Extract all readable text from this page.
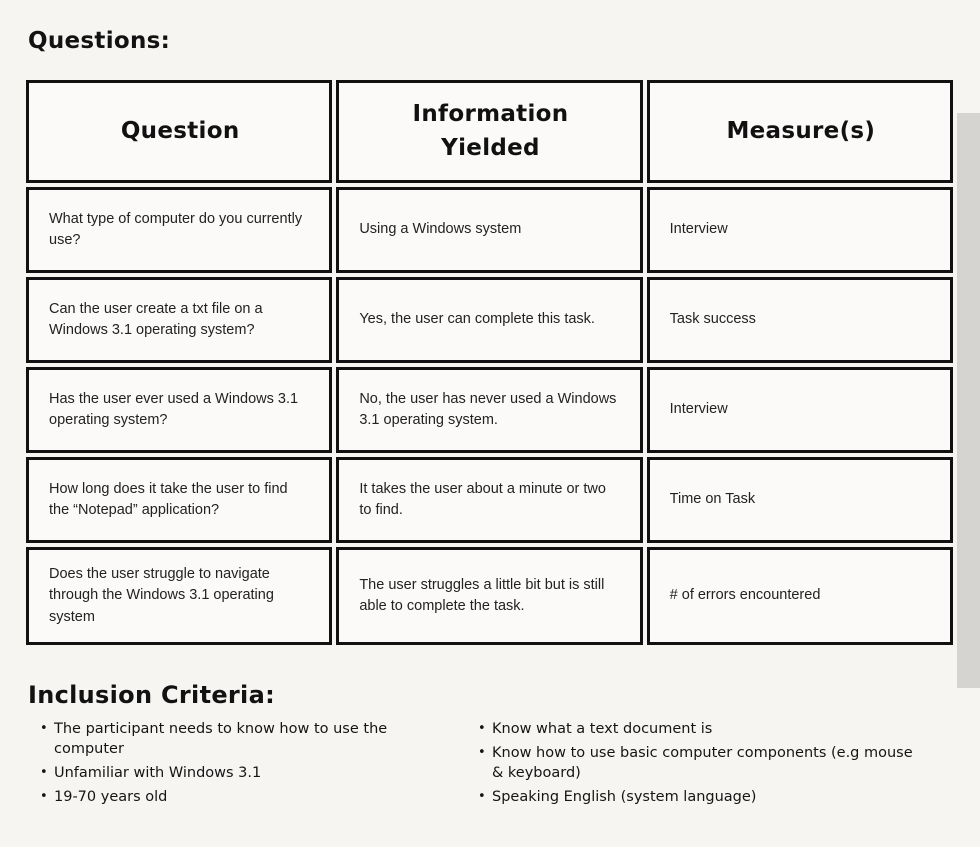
Questions:
Question
Information Yielded
Measure(s)
What type of computer do you currently use?
Using a Windows system	Interview
Can the user create a txt file on a Windows 3.1 operating system?
Yes, the user can complete this task.	Task success
Has the user ever used a Windows 3.1 operating system?
No, the user has never used a Windows 3.1 operating system.
Interview
How long does it take the user to find the “Notepad” application?
It takes the user about a minute or two to find.
Time on Task
Does the user struggle to navigate through the Windows 3.1 operating system
The user struggles a little bit but is still able to complete the task.
# of errors encountered
Inclusion Criteria:
• The participant needs to know how to use the computer
• Unfamiliar with Windows 3.1
• 19-70 years old
• Know what a text document is
• Know how to use basic computer components (e.g mouse & keyboard)
• Speaking English (system language)
